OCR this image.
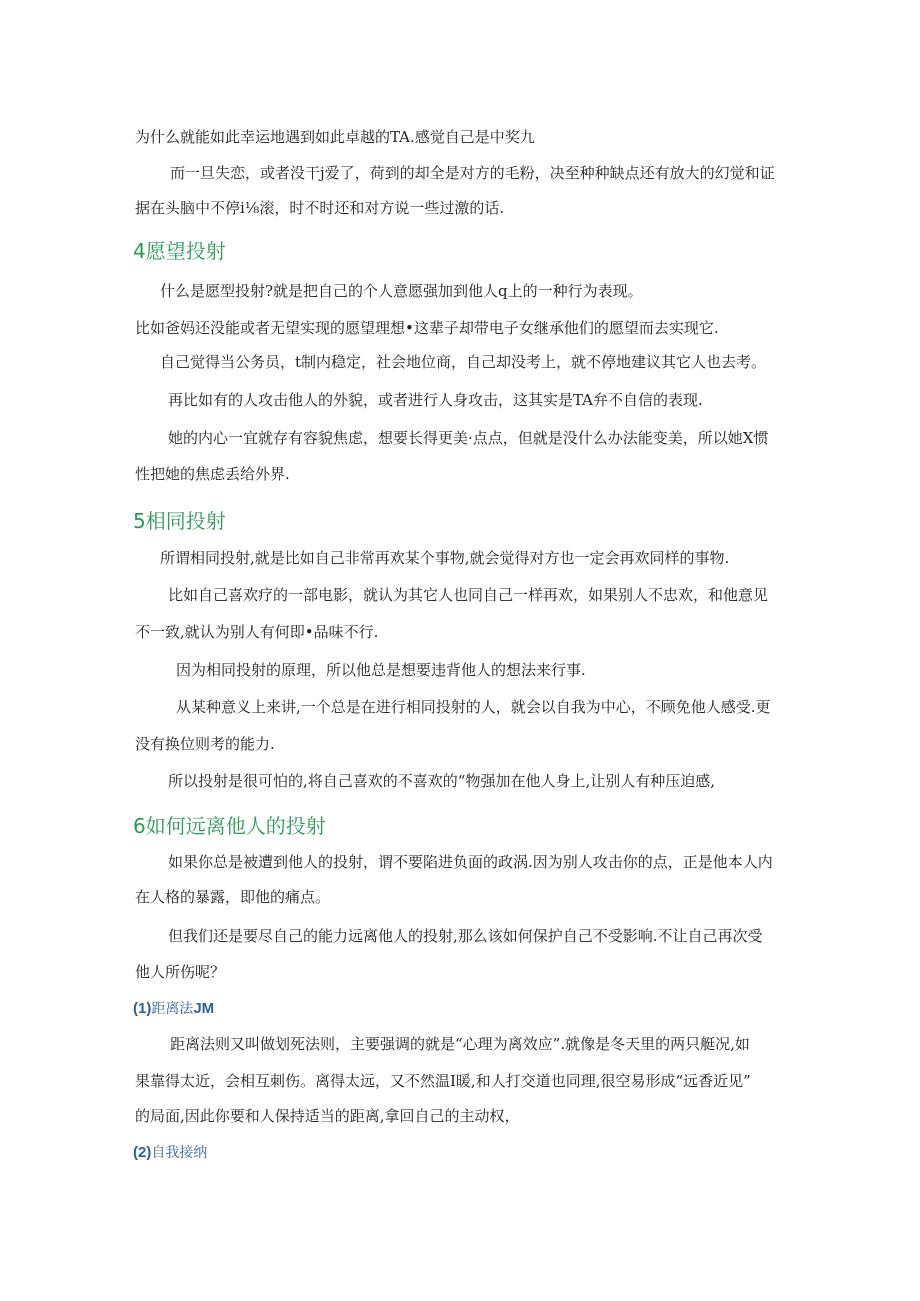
为什么就能如此幸运地遇到如此卓越的TA.感觉自己是中奖九
而一旦失恋，或者没干j爱了，荷到的却全是对方的毛粉，决至种种缺点还有放大的幻觉和证
据在头脑中不停i⅛滚，时不时还和对方说一些过激的话.
4愿望投射
什么是愿型投射?就是把自己的个人意愿强加到他人q上的一种行为表现。
比如爸妈还没能或者无望实现的愿望理想•这辈子却带电子女继承他们的愿望而去实现它.
自己觉得当公务员，t制内稳定，社会地位商，自己却没考上，就不停地建议其它人也去考。
再比如有的人攻击他人的外貌，或者进行人身攻击，这其实是TA弁不自信的表现.
她的内心一宜就存有容貌焦虑，想要长得更美·点点，但就是没什么办法能变美，所以她X惯
性把她的焦虑丢给外界.
5相同投射
所谓相同投射,就是比如自己非常再欢某个事物,就会觉得对方也一定会再欢同样的事物.
比如自己喜欢疗的一部电影，就认为其它人也同自己一样再欢，如果别人不忠欢，和他意见
不一致,就认为别人有何即•品味不行.
因为相同投射的原理，所以他总是想要违背他人的想法来行事.
从某种意义上来讲,一个总是在进行相同投射的人，就会以自我为中心，不顾免他人感受.更
没有换位则考的能力.
所以投射是很可怕的,将自己喜欢的不喜欢的“物强加在他人身上,让别人有种压迫感,
6如何远离他人的投射
如果你总是被遭到他人的投射，谓不要陷进负面的政涡.因为别人攻击你的点，正是他本人内
在人格的暴露，即他的痛点。
但我们还是要尽自己的能力远离他人的投射,那么该如何保护自己不受影响.不让自己再次受
他人所伤呢？
(1)距离法JM
距离法则又叫做划死法则，主要强调的就是“心理为离效应”.就像是冬天里的两只艇况,如
果靠得太近，会相互刺伤。离得太远，又不然温I暖,和人打交道也同理,很空易形成“远香近见”
的局面,因此你要和人保持适当的距离,拿回自己的主动权，
(2)自我接纳
